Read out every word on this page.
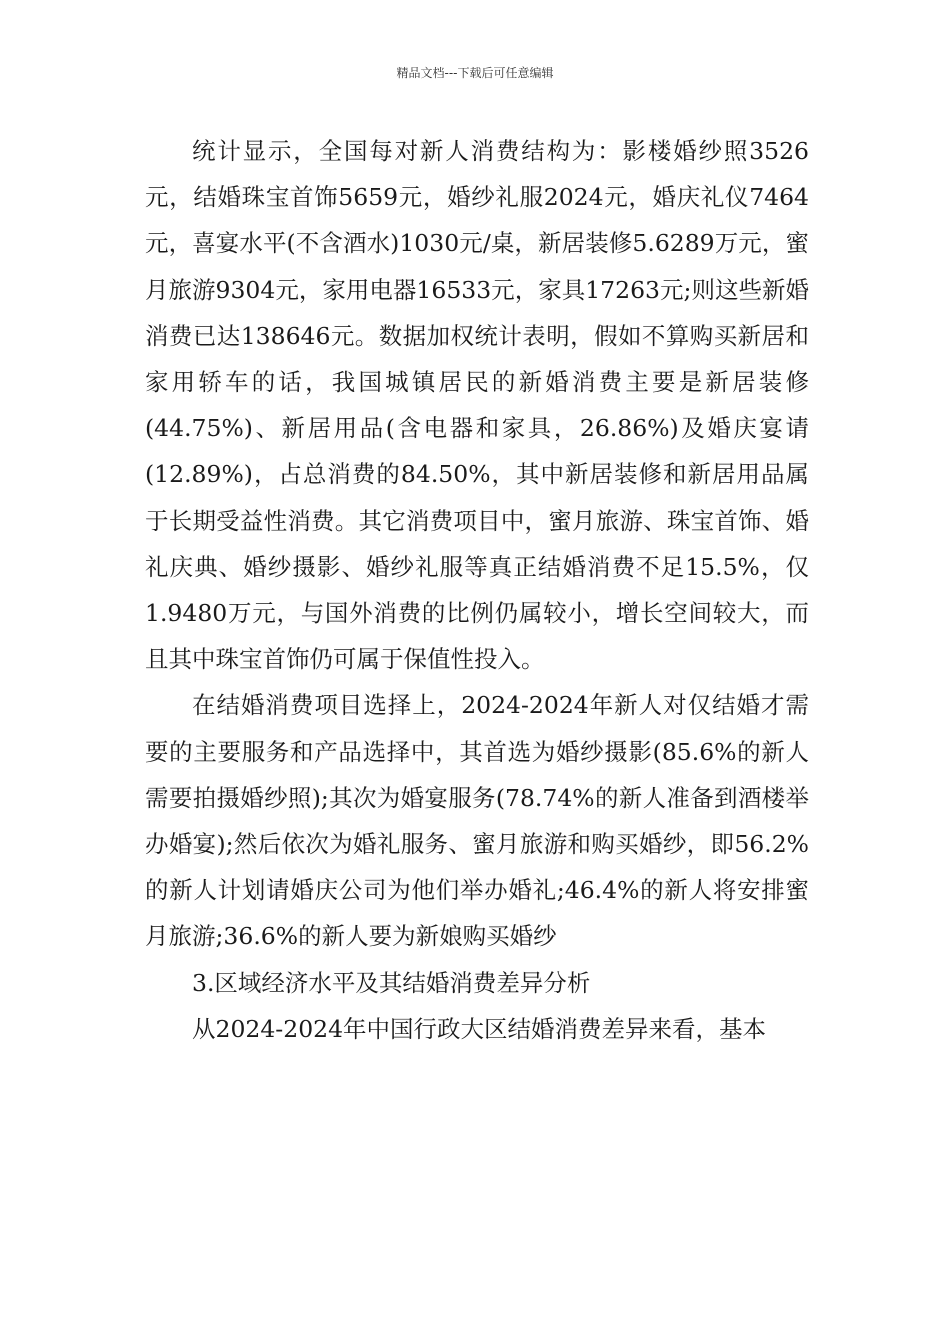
精品文档---下载后可任意编辑

统计显示，全国每对新人消费结构为：影楼婚纱照3526元，结婚珠宝首饰5659元，婚纱礼服2024元，婚庆礼仪7464元，喜宴水平(不含酒水)1030元/桌，新居装修5.6289万元，蜜月旅游9304元，家用电器16533元，家具17263元;则这些新婚消费已达138646元。数据加权统计表明，假如不算购买新居和家用轿车的话，我国城镇居民的新婚消费主要是新居装修(44.75%)、新居用品(含电器和家具，26.86%)及婚庆宴请(12.89%)，占总消费的84.50%，其中新居装修和新居用品属于长期受益性消费。其它消费项目中，蜜月旅游、珠宝首饰、婚礼庆典、婚纱摄影、婚纱礼服等真正结婚消费不足15.5%，仅1.9480万元，与国外消费的比例仍属较小，增长空间较大，而且其中珠宝首饰仍可属于保值性投入。

在结婚消费项目选择上，2024-2024年新人对仅结婚才需要的主要服务和产品选择中，其首选为婚纱摄影(85.6%的新人需要拍摄婚纱照);其次为婚宴服务(78.74%的新人准备到酒楼举办婚宴);然后依次为婚礼服务、蜜月旅游和购买婚纱，即56.2%的新人计划请婚庆公司为他们举办婚礼;46.4%的新人将安排蜜月旅游;36.6%的新人要为新娘购买婚纱

3.区域经济水平及其结婚消费差异分析

从2024-2024年中国行政大区结婚消费差异来看，基本
